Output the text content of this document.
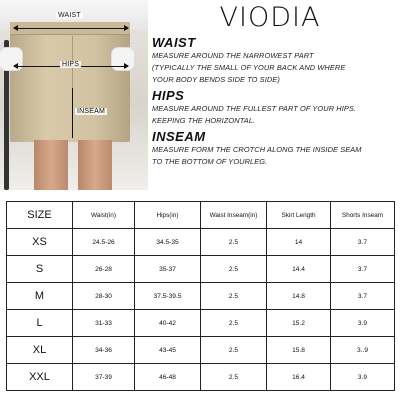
WAIST
HIPS
INSEAM
VIODIA

WAIST

MEASURE AROUND THE NARROWEST PART
(TYPICALLY THE SMALL OF YOUR BACK AND WHERE
YOUR BODY BENDS SIDE TO SIDE)

HIPS

MEASURE AROUND THE FULLEST PART OF YOUR HIPS.
KEEPING THE HORIZONTAL.

INSEAM

MEASURE FORM THE CROTCH ALONG THE INSIDE SEAM
TO THE BOTTOM OF YOURLEG.

SIZE	Waist(in)	Hips(in)	Waist Inseam(in)	Skirt Length	Shorts Inseam
XS	24.5-26	34.5-35	2.5	14	3.7
S	26-28	35-37	2.5	14.4	3.7
M	28-30	37.5-39.5	2.5	14.8	3.7
L	31-33	40-42	2.5	15.2	3.9
XL	34-36	43-45	2.5	15.8	3..9
XXL	37-39	46-48	2.5	16.4	3.9
